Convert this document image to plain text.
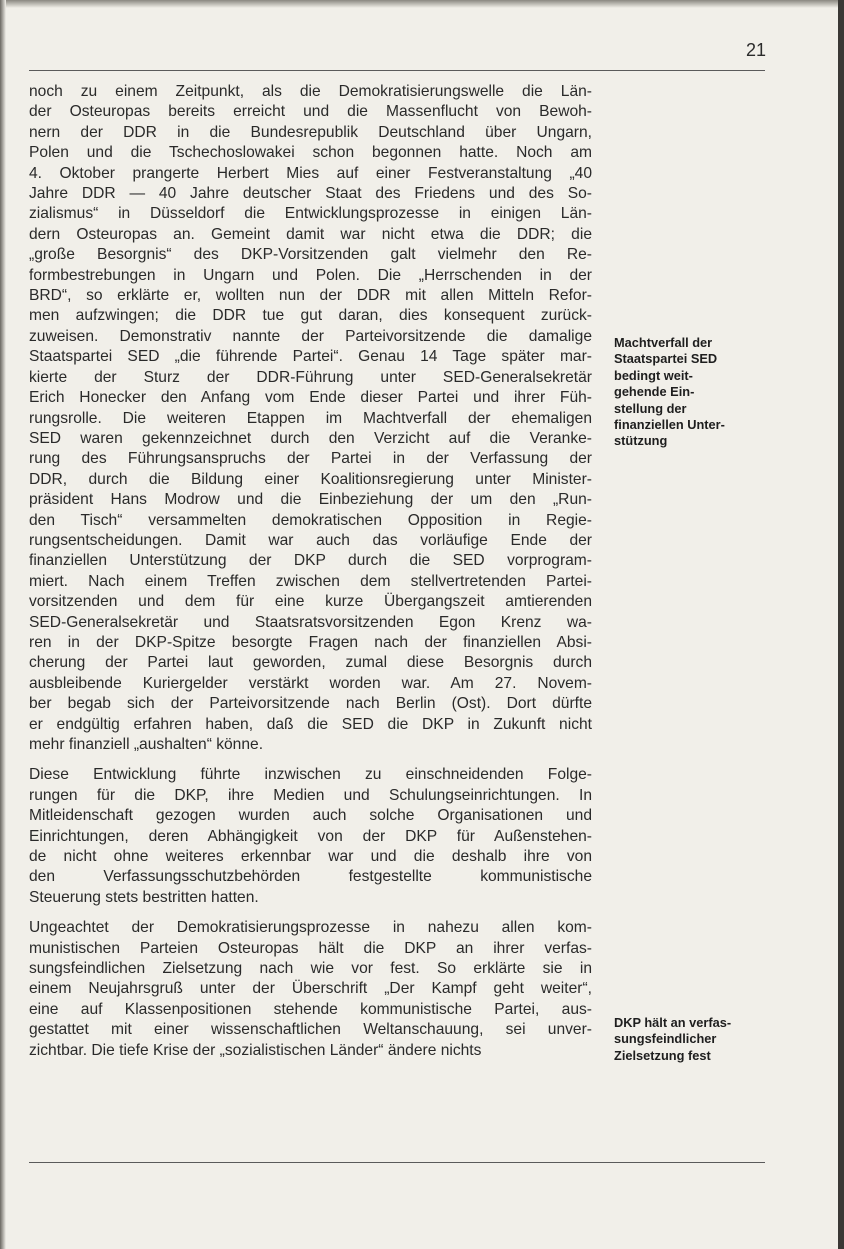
21

noch zu einem Zeitpunkt, als die Demokratisierungswelle die Län-
der Osteuropas bereits erreicht und die Massenflucht von Bewoh-
nern der DDR in die Bundesrepublik Deutschland über Ungarn,
Polen und die Tschechoslowakei schon begonnen hatte. Noch am
4. Oktober prangerte Herbert Mies auf einer Festveranstaltung „40
Jahre DDR — 40 Jahre deutscher Staat des Friedens und des So-
zialismus“ in Düsseldorf die Entwicklungsprozesse in einigen Län-
dern Osteuropas an. Gemeint damit war nicht etwa die DDR; die
„große Besorgnis“ des DKP-Vorsitzenden galt vielmehr den Re-
formbestrebungen in Ungarn und Polen. Die „Herrschenden in der
BRD“, so erklärte er, wollten nun der DDR mit allen Mitteln Refor-
men aufzwingen; die DDR tue gut daran, dies konsequent zurück-
zuweisen. Demonstrativ nannte der Parteivorsitzende die damalige
Staatspartei SED „die führende Partei“. Genau 14 Tage später mar-
kierte der Sturz der DDR-Führung unter SED-Generalsekretär
Erich Honecker den Anfang vom Ende dieser Partei und ihrer Füh-
rungsrolle. Die weiteren Etappen im Machtverfall der ehemaligen
SED waren gekennzeichnet durch den Verzicht auf die Veranke-
rung des Führungsanspruchs der Partei in der Verfassung der
DDR, durch die Bildung einer Koalitionsregierung unter Minister-
präsident Hans Modrow und die Einbeziehung der um den „Run-
den Tisch“ versammelten demokratischen Opposition in Regie-
rungsentscheidungen. Damit war auch das vorläufige Ende der
finanziellen Unterstützung der DKP durch die SED vorprogram-
miert. Nach einem Treffen zwischen dem stellvertretenden Partei-
vorsitzenden und dem für eine kurze Übergangszeit amtierenden
SED-Generalsekretär und Staatsratsvorsitzenden Egon Krenz wa-
ren in der DKP-Spitze besorgte Fragen nach der finanziellen Absi-
cherung der Partei laut geworden, zumal diese Besorgnis durch
ausbleibende Kuriergelder verstärkt worden war. Am 27. Novem-
ber begab sich der Parteivorsitzende nach Berlin (Ost). Dort dürfte
er endgültig erfahren haben, daß die SED die DKP in Zukunft nicht
mehr finanziell „aushalten“ könne.

Diese Entwicklung führte inzwischen zu einschneidenden Folge-
rungen für die DKP, ihre Medien und Schulungseinrichtungen. In
Mitleidenschaft gezogen wurden auch solche Organisationen und
Einrichtungen, deren Abhängigkeit von der DKP für Außenstehen-
de nicht ohne weiteres erkennbar war und die deshalb ihre von
den Verfassungsschutzbehörden festgestellte kommunistische
Steuerung stets bestritten hatten.

Ungeachtet der Demokratisierungsprozesse in nahezu allen kom-
munistischen Parteien Osteuropas hält die DKP an ihrer verfas-
sungsfeindlichen Zielsetzung nach wie vor fest. So erklärte sie in
einem Neujahrsgruß unter der Überschrift „Der Kampf geht weiter“,
eine auf Klassenpositionen stehende kommunistische Partei, aus-
gestattet mit einer wissenschaftlichen Weltanschauung, sei unver-
zichtbar. Die tiefe Krise der „sozialistischen Länder“ ändere nichts

Machtverfall der
Staatspartei SED
bedingt weit-
gehende Ein-
stellung der
finanziellen Unter-
stützung
DKP hält an verfas-
sungsfeindlicher
Zielsetzung fest
